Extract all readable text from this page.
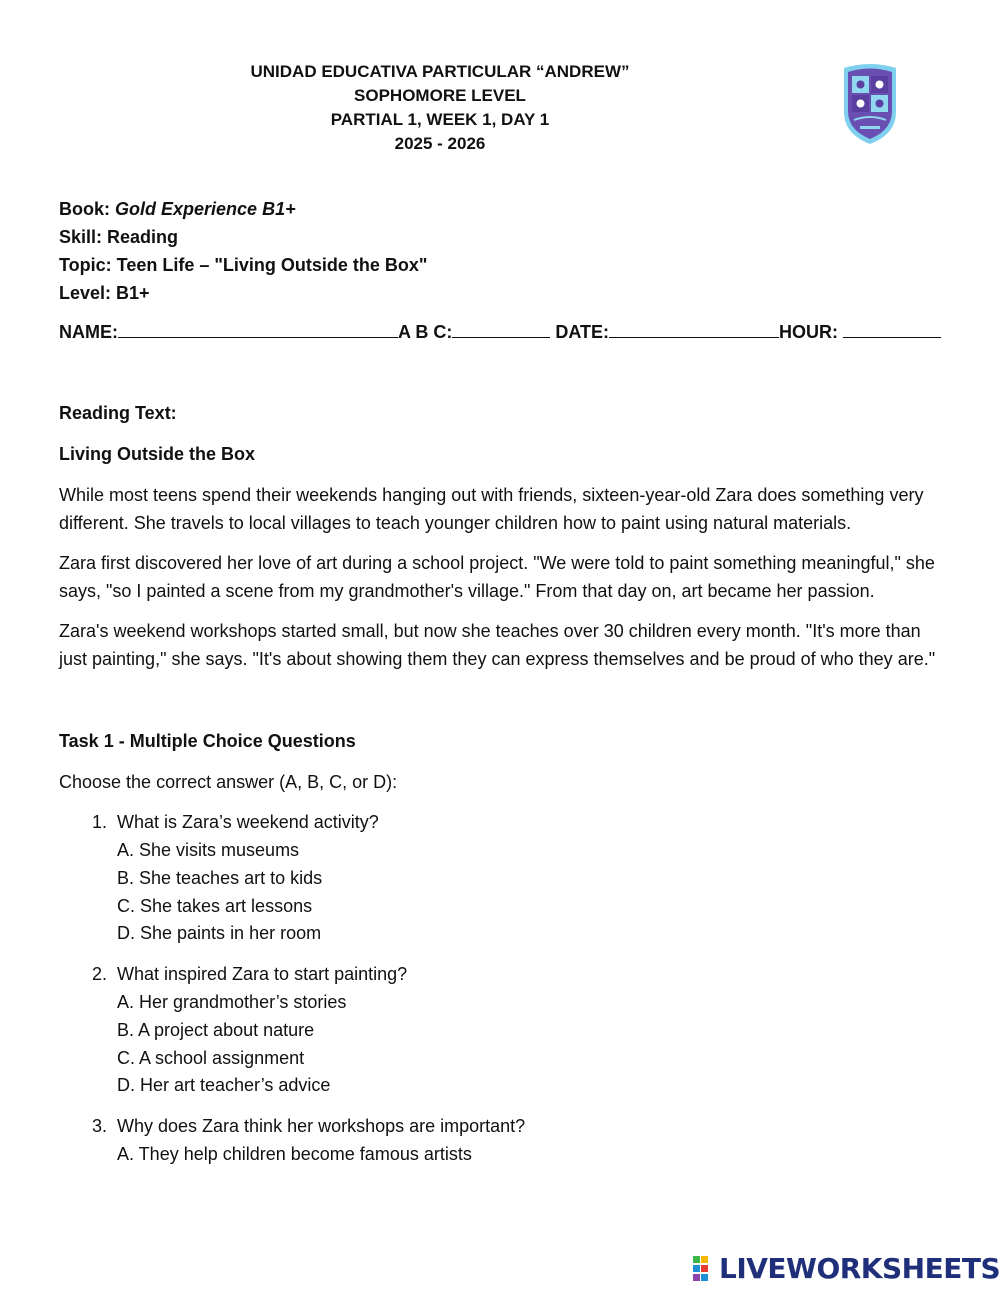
UNIDAD EDUCATIVA PARTICULAR “ANDREW”
SOPHOMORE LEVEL
PARTIAL 1, WEEK 1, DAY 1
2025 - 2026
Book: Gold Experience B1+
Skill: Reading
Topic: Teen Life – "Living Outside the Box"
Level: B1+
NAME:	A B C:	DATE:	HOUR:
Reading Text:
Living Outside the Box
While most teens spend their weekends hanging out with friends, sixteen-year-old Zara does something very different. She travels to local villages to teach younger children how to paint using natural materials.
Zara first discovered her love of art during a school project. "We were told to paint something meaningful," she says, "so I painted a scene from my grandmother's village." From that day on, art became her passion.
Zara's weekend workshops started small, but now she teaches over 30 children every month. "It's more than just painting," she says. "It's about showing them they can express themselves and be proud of who they are."
Task 1 - Multiple Choice Questions
Choose the correct answer (A, B, C, or D):
1. What is Zara’s weekend activity?
A. She visits museums
B. She teaches art to kids
C. She takes art lessons
D. She paints in her room
2. What inspired Zara to start painting?
A. Her grandmother’s stories
B. A project about nature
C. A school assignment
D. Her art teacher’s advice
3. Why does Zara think her workshops are important?
A. They help children become famous artists
LIVEWORKSHEETS
